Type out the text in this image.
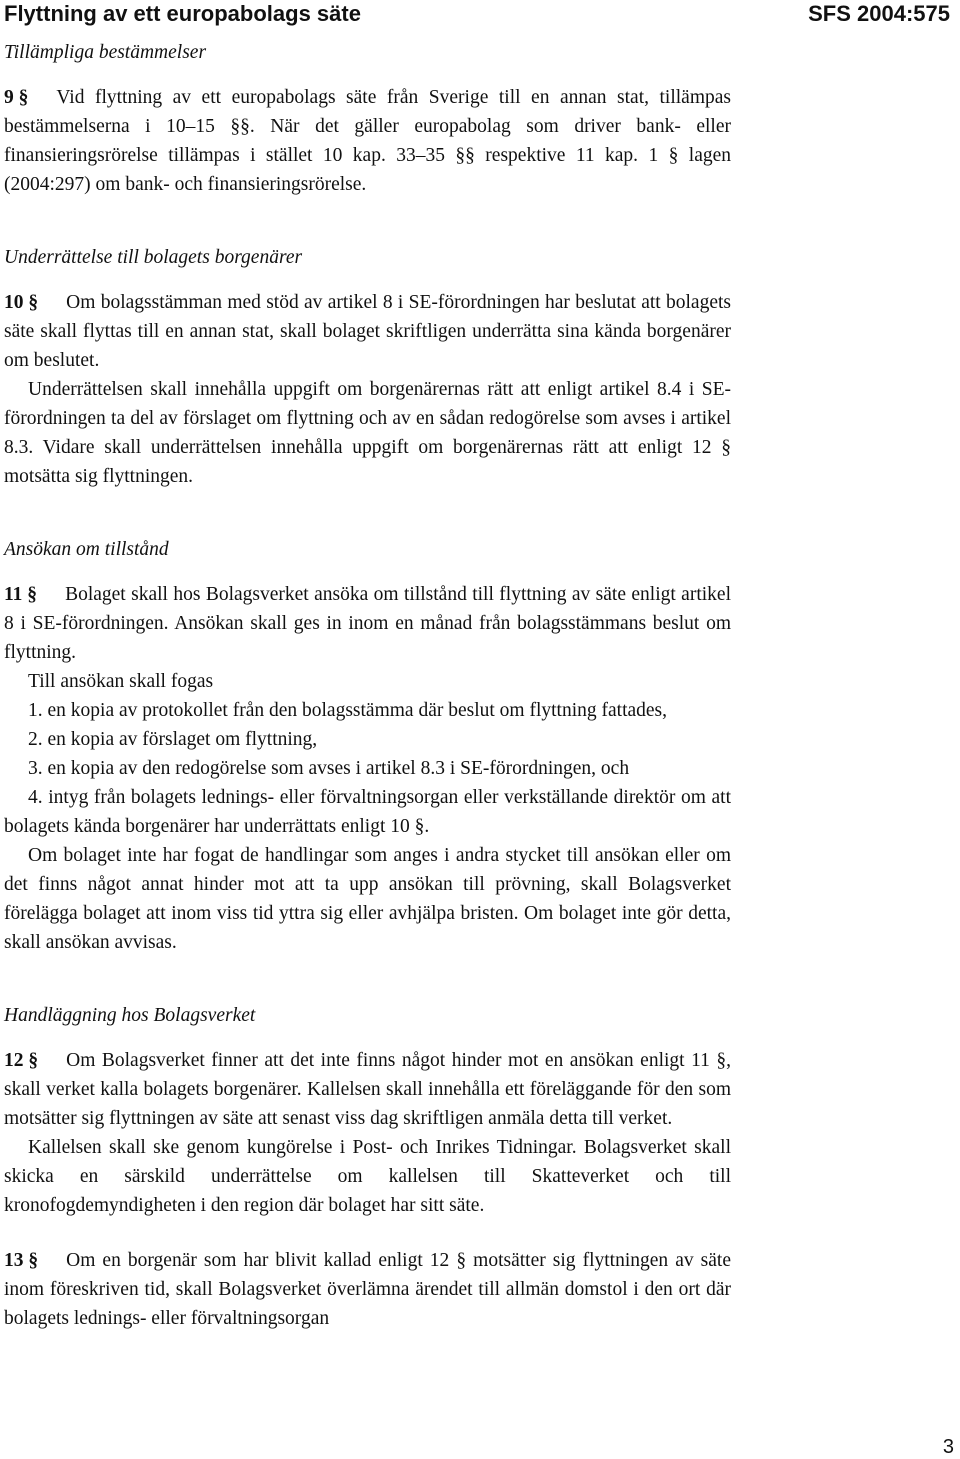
Flyttning av ett europabolags säte	SFS 2004:575
Tillämpliga bestämmelser

9 § Vid flyttning av ett europabolags säte från Sverige till en annan stat, tillämpas bestämmelserna i 10–15 §§. När det gäller europabolag som driver bank- eller finansieringsrörelse tillämpas i stället 10 kap. 33–35 §§ respektive 11 kap. 1 § lagen (2004:297) om bank- och finansieringsrörelse.

Underrättelse till bolagets borgenärer

10 § Om bolagsstämman med stöd av artikel 8 i SE-förordningen har beslutat att bolagets säte skall flyttas till en annan stat, skall bolaget skriftligen underrätta sina kända borgenärer om beslutet.

Underrättelsen skall innehålla uppgift om borgenärernas rätt att enligt artikel 8.4 i SE-förordningen ta del av förslaget om flyttning och av en sådan redogörelse som avses i artikel 8.3. Vidare skall underrättelsen innehålla uppgift om borgenärernas rätt att enligt 12 § motsätta sig flyttningen.

Ansökan om tillstånd

11 § Bolaget skall hos Bolagsverket ansöka om tillstånd till flyttning av säte enligt artikel 8 i SE-förordningen. Ansökan skall ges in inom en månad från bolagsstämmans beslut om flyttning.

Till ansökan skall fogas

1. en kopia av protokollet från den bolagsstämma där beslut om flyttning fattades,

2. en kopia av förslaget om flyttning,

3. en kopia av den redogörelse som avses i artikel 8.3 i SE-förordningen, och

4. intyg från bolagets lednings- eller förvaltningsorgan eller verkställande direktör om att bolagets kända borgenärer har underrättats enligt 10 §.

Om bolaget inte har fogat de handlingar som anges i andra stycket till ansökan eller om det finns något annat hinder mot att ta upp ansökan till prövning, skall Bolagsverket förelägga bolaget att inom viss tid yttra sig eller avhjälpa bristen. Om bolaget inte gör detta, skall ansökan avvisas.

Handläggning hos Bolagsverket

12 § Om Bolagsverket finner att det inte finns något hinder mot en ansökan enligt 11 §, skall verket kalla bolagets borgenärer. Kallelsen skall innehålla ett föreläggande för den som motsätter sig flyttningen av säte att senast viss dag skriftligen anmäla detta till verket.

Kallelsen skall ske genom kungörelse i Post- och Inrikes Tidningar. Bolagsverket skall skicka en särskild underrättelse om kallelsen till Skatteverket och till kronofogdemyndigheten i den region där bolaget har sitt säte.

13 § Om en borgenär som har blivit kallad enligt 12 § motsätter sig flyttningen av säte inom föreskriven tid, skall Bolagsverket överlämna ärendet till allmän domstol i den ort där bolagets lednings- eller förvaltningsorgan

3
